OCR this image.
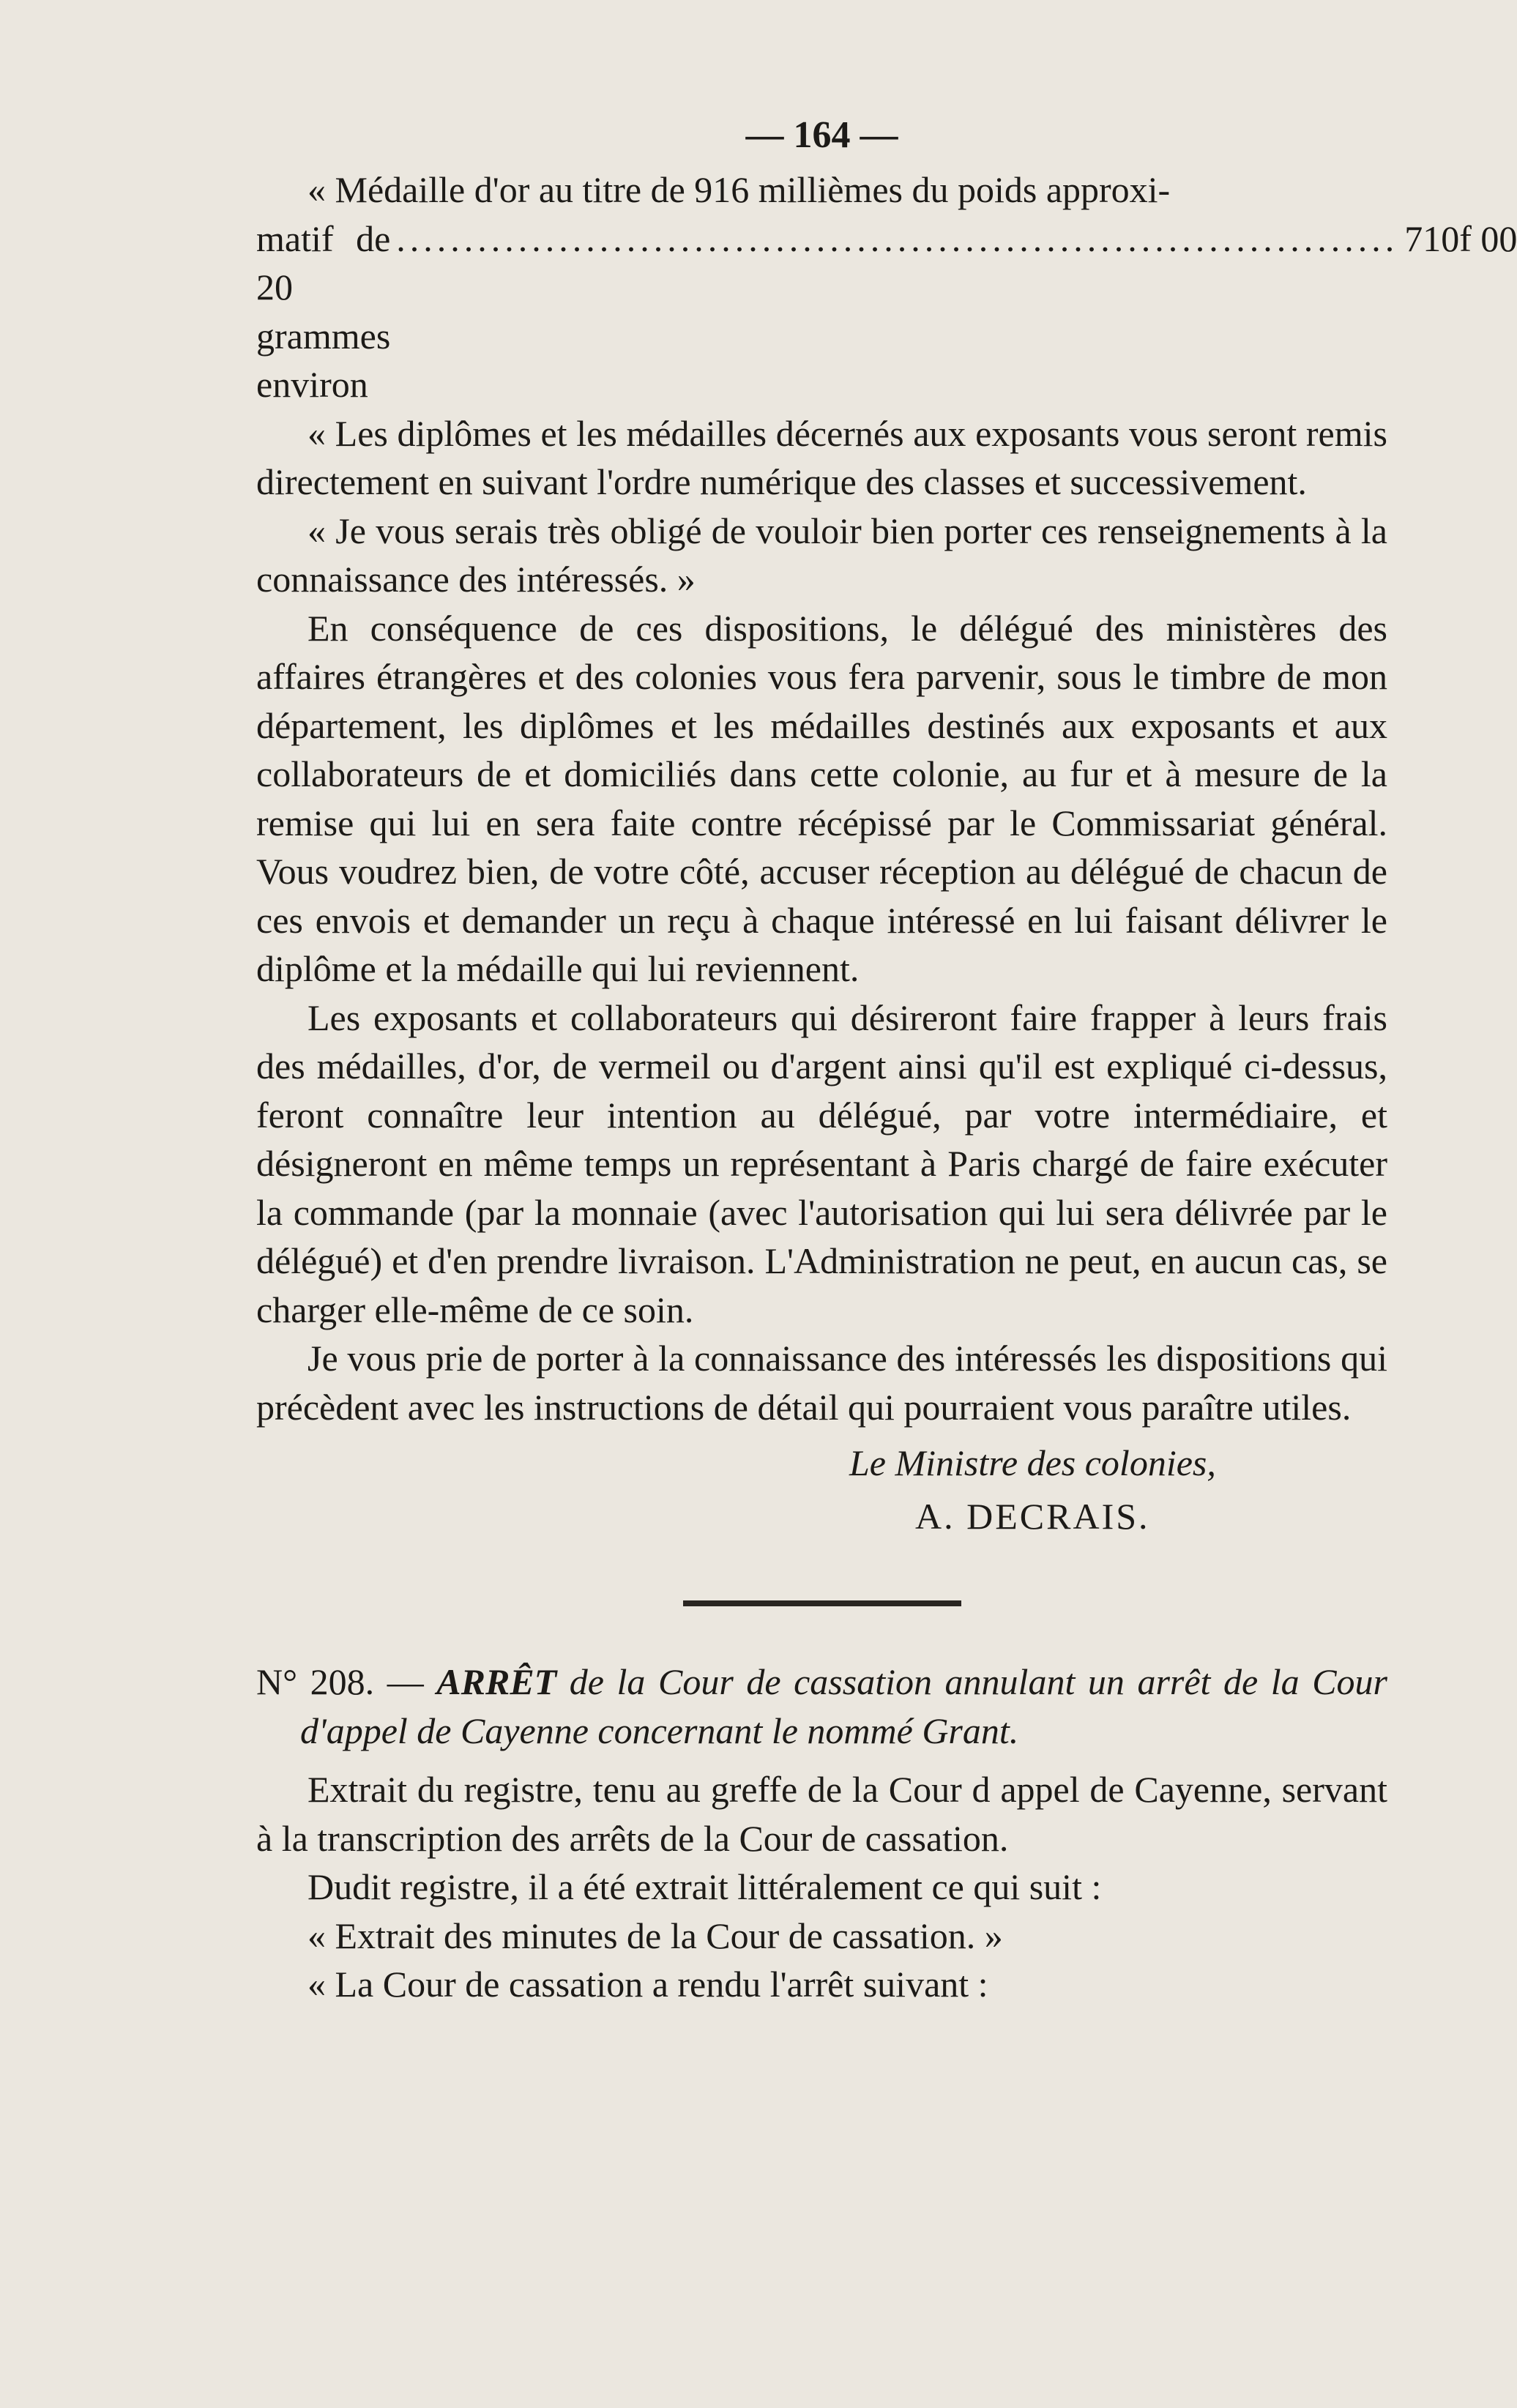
— 164 —

« Médaille d'or au titre de 916 millièmes du poids approxi-

matif de 20 grammes environ
.......................................................................... 710f 00

« Les diplômes et les médailles décernés aux exposants vous seront remis directement en suivant l'ordre numérique des classes et successivement.

« Je vous serais très obligé de vouloir bien porter ces renseignements à la connaissance des intéressés. »

En conséquence de ces dispositions, le délégué des ministères des affaires étrangères et des colonies vous fera parvenir, sous le timbre de mon département, les diplômes et les médailles destinés aux exposants et aux collaborateurs de et domiciliés dans cette colonie, au fur et à mesure de la remise qui lui en sera faite contre récépissé par le Commissariat général. Vous voudrez bien, de votre côté, accuser réception au délégué de chacun de ces envois et demander un reçu à chaque intéressé en lui faisant délivrer le diplôme et la médaille qui lui reviennent.

Les exposants et collaborateurs qui désireront faire frapper à leurs frais des médailles, d'or, de vermeil ou d'argent ainsi qu'il est expliqué ci-dessus, feront connaître leur intention au délégué, par votre intermédiaire, et désigneront en même temps un représentant à Paris chargé de faire exécuter la commande (par la monnaie (avec l'autorisation qui lui sera délivrée par le délégué) et d'en prendre livraison. L'Administration ne peut, en aucun cas, se charger elle-même de ce soin.

Je vous prie de porter à la connaissance des intéressés les dispositions qui précèdent avec les instructions de détail qui pourraient vous paraître utiles.

Le Ministre des colonies,
A. DECRAIS.

N° 208. — ARRÊT de la Cour de cassation annulant un arrêt de la Cour d'appel de Cayenne concernant le nommé Grant.

Extrait du registre, tenu au greffe de la Cour d appel de Cayenne, servant à la transcription des arrêts de la Cour de cassation.

Dudit registre, il a été extrait littéralement ce qui suit :

« Extrait des minutes de la Cour de cassation. »

« La Cour de cassation a rendu l'arrêt suivant :
